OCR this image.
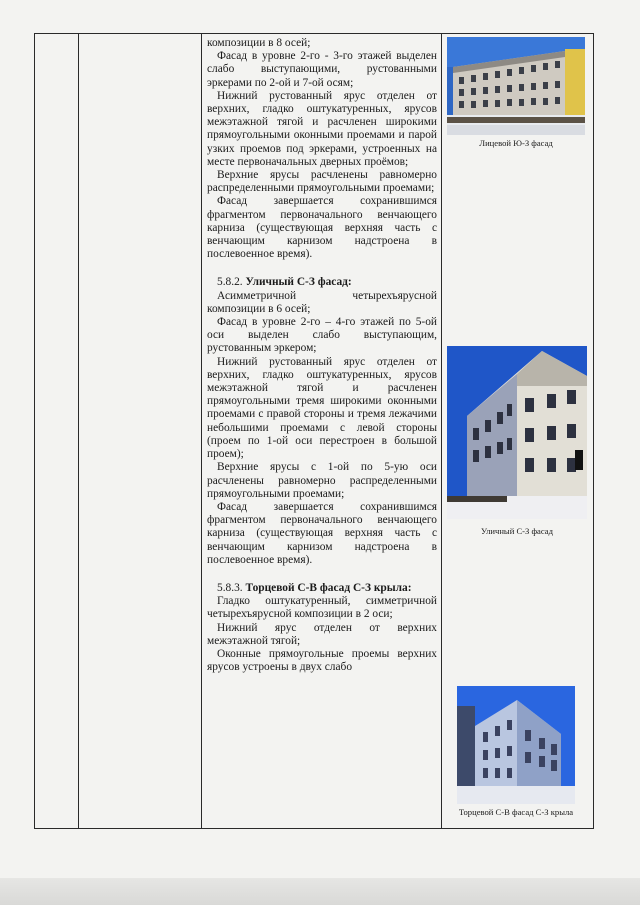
композиции в 8 осей;

Фасад в уровне 2-го - 3-го этажей выделен слабо выступающими, рустованными эркерами по 2-ой и 7-ой осям;

Нижний рустованный ярус отделен от верхних, гладко оштукатуренных, ярусов межэтажной тягой и расчленен широкими прямоугольными оконными проемами и парой узких проемов под эркерами, устроенных на месте первоначальных дверных проёмов;

Верхние ярусы расчленены равномерно распределенными прямоугольными проемами;

Фасад завершается сохранившимся фрагментом первоначального венчающего карниза (существующая верхняя часть с венчающим карнизом надстроена в послевоенное время).

5.8.2. Уличный С-З фасад:

Асимметричной четырехъярусной композиции в 6 осей;

Фасад в уровне 2-го – 4-го этажей по 5-ой оси выделен слабо выступающим, рустованным эркером;

Нижний рустованный ярус отделен от верхних, гладко оштукатуренных, ярусов межэтажной тягой и расчленен прямоугольными тремя широкими оконными проемами с правой стороны и тремя лежачими небольшими проемами с левой стороны (проем по 1-ой оси перестроен в большой проем);

Верхние ярусы с 1-ой по 5-ую оси расчленены равномерно распределенными прямоугольными проемами;

Фасад завершается сохранившимся фрагментом первоначального венчающего карниза (существующая верхняя часть с венчающим карнизом надстроена в послевоенное время).

5.8.3. Торцевой С-В фасад С-З крыла:

Гладко оштукатуренный, симметричной четырехъярусной композиции в 2 оси;

Нижний ярус отделен от верхних межэтажной тягой;

Оконные прямоугольные проемы верхних ярусов устроены в двух слабо

Лицевой Ю-З фасад
Уличный С-З фасад
Торцевой С-В фасад С-З крыла
